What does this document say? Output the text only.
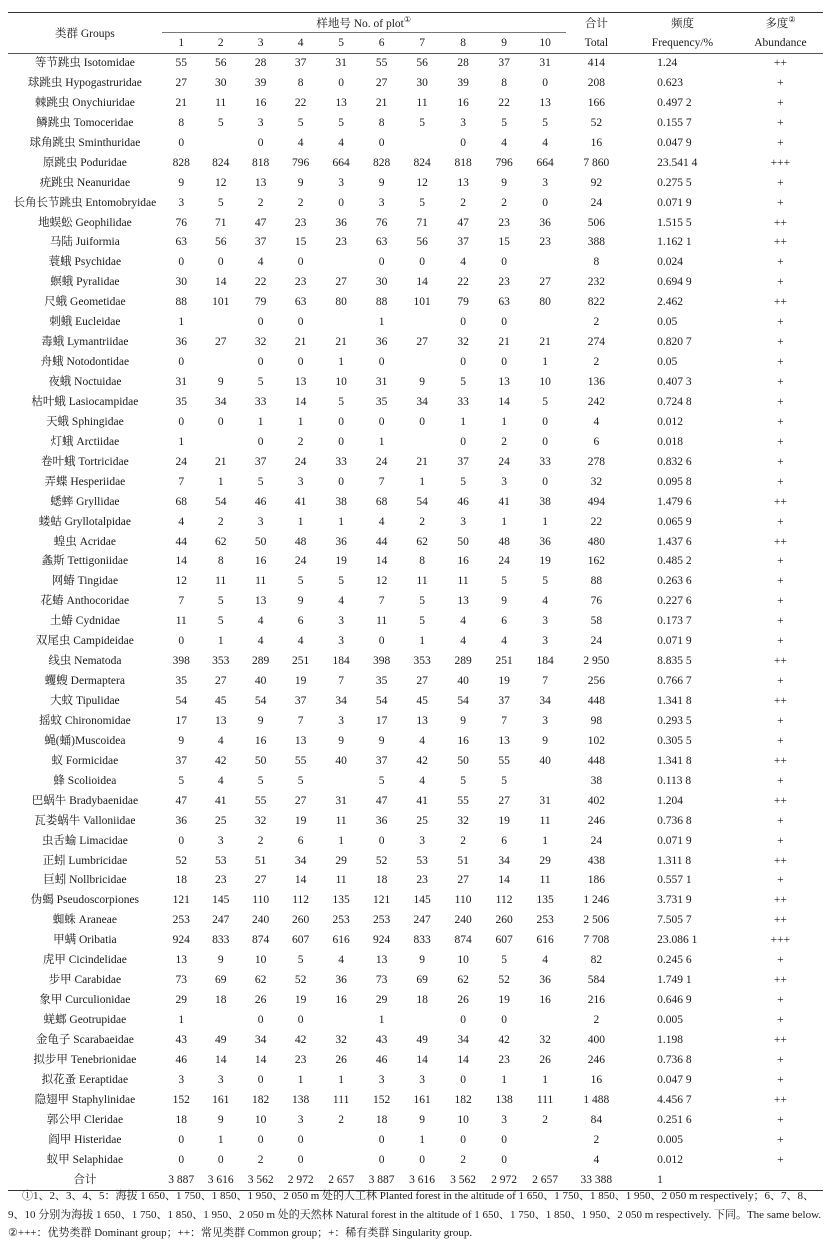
类群 Groups	样地号 No. of plot①										合计	频度	多度②
	1	2	3	4	5	6	7	8	9	10	Total	Frequency/%	Abundance
等节跳虫 Isotomidae	55	56	28	37	31	55	56	28	37	31	414	1.24	++
球跳虫 Hypogastruridae	27	30	39	8	0	27	30	39	8	0	208	0.623	+
棘跳虫 Onychiuridae	21	11	16	22	13	21	11	16	22	13	166	0.497 2	+
鳞跳虫 Tomoceridae	8	5	3	5	5	8	5	3	5	5	52	0.155 7	+
球角跳虫 Sminthuridae	0		0	4	4	0		0	4	4	16	0.047 9	+
原跳虫 Poduridae	828	824	818	796	664	828	824	818	796	664	7 860	23.541 4	+++
疣跳虫 Neanuridae	9	12	13	9	3	9	12	13	9	3	92	0.275 5	+
长角长节跳虫 Entomobryidae	3	5	2	2	0	3	5	2	2	0	24	0.071 9	+
地蜈蚣 Geophilidae	76	71	47	23	36	76	71	47	23	36	506	1.515 5	++
马陆 Juiformia	63	56	37	15	23	63	56	37	15	23	388	1.162 1	++
蓑蛾 Psychidae	0	0	4	0		0	0	4	0		8	0.024	+
螟蛾 Pyralidae	30	14	22	23	27	30	14	22	23	27	232	0.694 9	+
尺蛾 Geometidae	88	101	79	63	80	88	101	79	63	80	822	2.462	++
刺蛾 Eucleidae	1		0	0		1		0	0		2	0.05	+
毒蛾 Lymantriidae	36	27	32	21	21	36	27	32	21	21	274	0.820 7	+
舟蛾 Notodontidae	0		0	0	1	0		0	0	1	2	0.05	+
夜蛾 Noctuidae	31	9	5	13	10	31	9	5	13	10	136	0.407 3	+
枯叶蛾 Lasiocampidae	35	34	33	14	5	35	34	33	14	5	242	0.724 8	+
天蛾 Sphingidae	0	0	1	1	0	0	0	1	1	0	4	0.012	+
灯蛾 Arctiidae	1		0	2	0	1		0	2	0	6	0.018	+
卷叶蛾 Tortricidae	24	21	37	24	33	24	21	37	24	33	278	0.832 6	+
弄蝶 Hesperiidae	7	1	5	3	0	7	1	5	3	0	32	0.095 8	+
蟋蟀 Gryllidae	68	54	46	41	38	68	54	46	41	38	494	1.479 6	++
蝼蛄 Gryllotalpidae	4	2	3	1	1	4	2	3	1	1	22	0.065 9	+
蝗虫 Acridae	44	62	50	48	36	44	62	50	48	36	480	1.437 6	++
螽斯 Tettigoniidae	14	8	16	24	19	14	8	16	24	19	162	0.485 2	+
网蝽 Tingidae	12	11	11	5	5	12	11	11	5	5	88	0.263 6	+
花蝽 Anthocoridae	7	5	13	9	4	7	5	13	9	4	76	0.227 6	+
土蝽 Cydnidae	11	5	4	6	3	11	5	4	6	3	58	0.173 7	+
双尾虫 Campideidae	0	1	4	4	3	0	1	4	4	3	24	0.071 9	+
线虫 Nematoda	398	353	289	251	184	398	353	289	251	184	2 950	8.835 5	++
蠼螋 Dermaptera	35	27	40	19	7	35	27	40	19	7	256	0.766 7	+
大蚊 Tipulidae	54	45	54	37	34	54	45	54	37	34	448	1.341 8	++
摇蚊 Chironomidae	17	13	9	7	3	17	13	9	7	3	98	0.293 5	+
蝇(蛹)Muscoidea	9	4	16	13	9	9	4	16	13	9	102	0.305 5	+
蚁 Formicidae	37	42	50	55	40	37	42	50	55	40	448	1.341 8	++
蜂 Scolioidea	5	4	5	5		5	4	5	5		38	0.113 8	+
巴蜗牛 Bradybaenidae	47	41	55	27	31	47	41	55	27	31	402	1.204	++
瓦娄蜗牛 Valloniidae	36	25	32	19	11	36	25	32	19	11	246	0.736 8	+
虫舌蝓 Limacidae	0	3	2	6	1	0	3	2	6	1	24	0.071 9	+
正蚓 Lumbricidae	52	53	51	34	29	52	53	51	34	29	438	1.311 8	++
巨蚓 Nollbricidae	18	23	27	14	11	18	23	27	14	11	186	0.557 1	+
伪蝎 Pseudoscorpiones	121	145	110	112	135	121	145	110	112	135	1 246	3.731 9	++
蜘蛛 Araneae	253	247	240	260	253	253	247	240	260	253	2 506	7.505 7	++
甲螨 Oribatia	924	833	874	607	616	924	833	874	607	616	7 708	23.086 1	+++
虎甲 Cicindelidae	13	9	10	5	4	13	9	10	5	4	82	0.245 6	+
步甲 Carabidae	73	69	62	52	36	73	69	62	52	36	584	1.749 1	++
象甲 Curculionidae	29	18	26	19	16	29	18	26	19	16	216	0.646 9	+
蜣螂 Geotrupidae	1		0	0		1		0	0		2	0.005	+
金龟子 Scarabaeidae	43	49	34	42	32	43	49	34	42	32	400	1.198	++
拟步甲 Tenebrionidae	46	14	14	23	26	46	14	14	23	26	246	0.736 8	+
拟花蚤 Eeraptidae	3	3	0	1	1	3	3	0	1	1	16	0.047 9	+
隐翅甲 Staphylinidae	152	161	182	138	111	152	161	182	138	111	1 488	4.456 7	++
郭公甲 Cleridae	18	9	10	3	2	18	9	10	3	2	84	0.251 6	+
阎甲 Histeridae	0	1	0	0		0	1	0	0		2	0.005	+
蚁甲 Selaphidae	0	0	2	0		0	0	2	0		4	0.012	+
合计	3 887	3 616	3 562	2 972	2 657	3 887	3 616	3 562	2 972	2 657	33 388	1	
①1、2、3、4、5：海拔 1 650、1 750、1 850、1 950、2 050 m 处的人工林 Planted forest in the altitude of 1 650、1 750、1 850、1 950、2 050 m respectively；6、7、8、9、10 分别为海拔 1 650、1 750、1 850、1 950、2 050 m 处的天然林 Natural forest in the altitude of 1 650、1 750、1 850、1 950、2 050 m respectively. 下同。The same below. ②+++：优势类群 Dominant group；++：常见类群 Common group；+：稀有类群 Singularity group.
